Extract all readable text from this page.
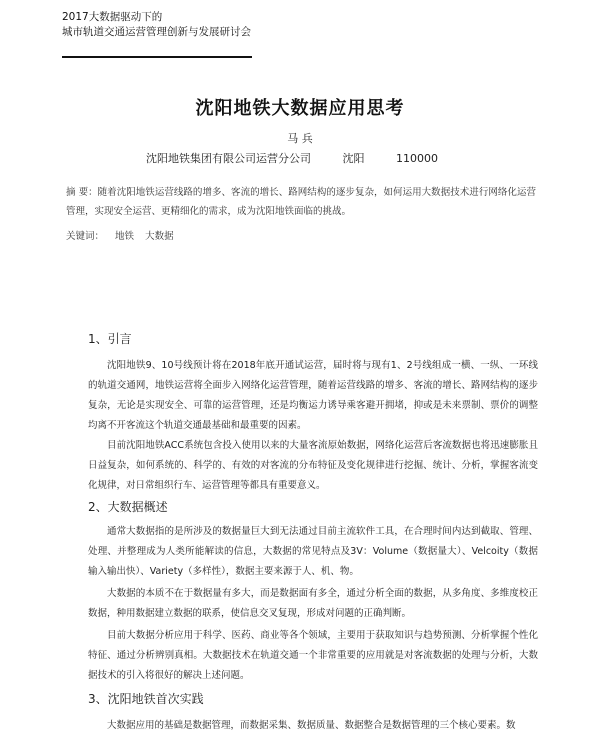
2017大数据驱动下的
城市轨道交通运营管理创新与发展研讨会
沈阳地铁大数据应用思考
马 兵
沈阳地铁集团有限公司运营分公司	沈阳	110000
摘 要：随着沈阳地铁运营线路的增多、客流的增长、路网结构的逐步复杂，如何运用大数据技术进行网络化运营管理，实现安全运营、更精细化的需求，成为沈阳地铁面临的挑战。
关键词： 地铁 大数据
1、引言
沈阳地铁9、10号线预计将在2018年底开通试运营，届时将与现有1、2号线组成一横、一纵、一环线的轨道交通网，地铁运营将全面步入网络化运营管理，随着运营线路的增多、客流的增长、路网结构的逐步复杂，无论是实现安全、可靠的运营管理，还是均衡运力诱导乘客避开拥堵，抑或是未来票制、票价的调整均离不开客流这个轨道交通最基础和最重要的因素。
目前沈阳地铁ACC系统包含投入使用以来的大量客流原始数据，网络化运营后客流数据也将迅速膨胀且日益复杂，如何系统的、科学的、有效的对客流的分布特征及变化规律进行挖掘、统计、分析，掌握客流变化规律，对日常组织行车、运营管理等都具有重要意义。
2、大数据概述
通常大数据指的是所涉及的数据量巨大到无法通过目前主流软件工具，在合理时间内达到截取、管理、处理、并整理成为人类所能解读的信息，大数据的常见特点及3V：Volume（数据量大）、Velcoity（数据输入输出快）、Variety（多样性），数据主要来源于人、机、物。
大数据的本质不在于数据量有多大，而是数据面有多全，通过分析全面的数据，从多角度、多维度校正数据，种用数据建立数据的联系，使信息交叉复现，形成对问题的正确判断。
目前大数据分析应用于科学、医药、商业等各个领域，主要用于获取知识与趋势预测、分析掌握个性化特征、通过分析辨别真相。大数据技术在轨道交通一个非常重要的应用就是对客流数据的处理与分析，大数据技术的引入将很好的解决上述问题。
3、沈阳地铁首次实践
大数据应用的基础是数据管理，而数据采集、数据质量、数据整合是数据管理的三个核心要素。数
